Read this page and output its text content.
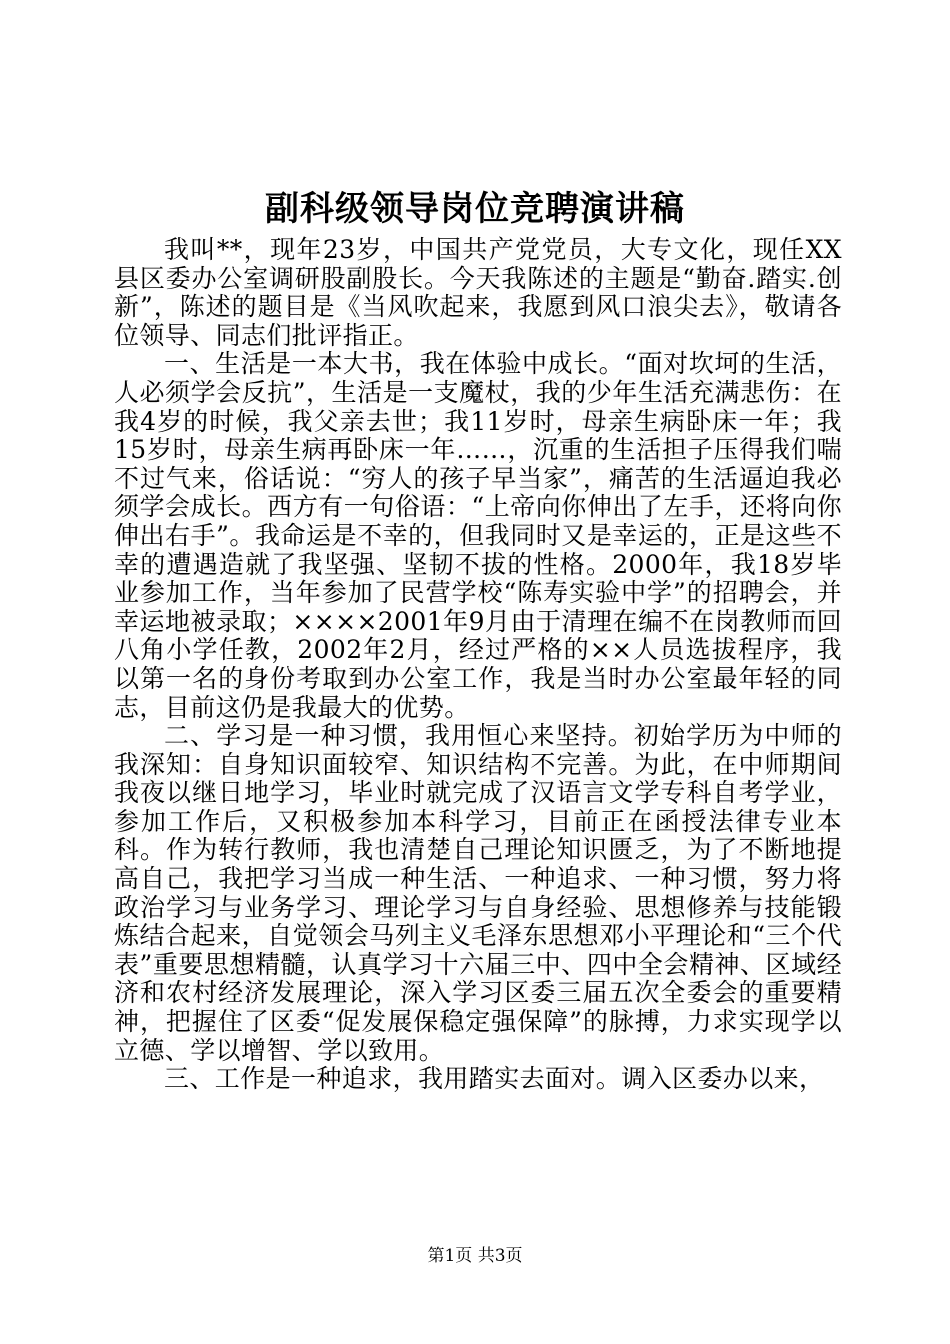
副科级领导岗位竞聘演讲稿

我叫**，现年23岁，中国共产党党员，大专文化，现任XX县区委办公室调研股副股长。今天我陈述的主题是“勤奋.踏实.创新”，陈述的题目是《当风吹起来，我愿到风口浪尖去》，敬请各位领导、同志们批评指正。

一、生活是一本大书，我在体验中成长。“面对坎坷的生活，人必须学会反抗”，生活是一支魔杖，我的少年生活充满悲伤：在我4岁的时候，我父亲去世；我11岁时，母亲生病卧床一年；我15岁时，母亲生病再卧床一年……，沉重的生活担子压得我们喘不过气来，俗话说：“穷人的孩子早当家”，痛苦的生活逼迫我必须学会成长。西方有一句俗语：“上帝向你伸出了左手，还将向你伸出右手”。我命运是不幸的，但我同时又是幸运的，正是这些不幸的遭遇造就了我坚强、坚韧不拔的性格。2000年，我18岁毕业参加工作，当年参加了民营学校“陈寿实验中学”的招聘会，并幸运地被录取；××××2001年9月由于清理在编不在岗教师而回八角小学任教，2002年2月，经过严格的××人员选拔程序，我以第一名的身份考取到办公室工作，我是当时办公室最年轻的同志，目前这仍是我最大的优势。

二、学习是一种习惯，我用恒心来坚持。初始学历为中师的我深知：自身知识面较窄、知识结构不完善。为此，在中师期间我夜以继日地学习，毕业时就完成了汉语言文学专科自考学业，参加工作后，又积极参加本科学习，目前正在函授法律专业本科。作为转行教师，我也清楚自己理论知识匮乏，为了不断地提高自己，我把学习当成一种生活、一种追求、一种习惯，努力将政治学习与业务学习、理论学习与自身经验、思想修养与技能锻炼结合起来，自觉领会马列主义毛泽东思想邓小平理论和“三个代表”重要思想精髓，认真学习十六届三中、四中全会精神、区域经济和农村经济发展理论，深入学习区委三届五次全委会的重要精神，把握住了区委“促发展保稳定强保障”的脉搏，力求实现学以立德、学以增智、学以致用。

三、工作是一种追求，我用踏实去面对。调入区委办以来，

第1页 共3页
